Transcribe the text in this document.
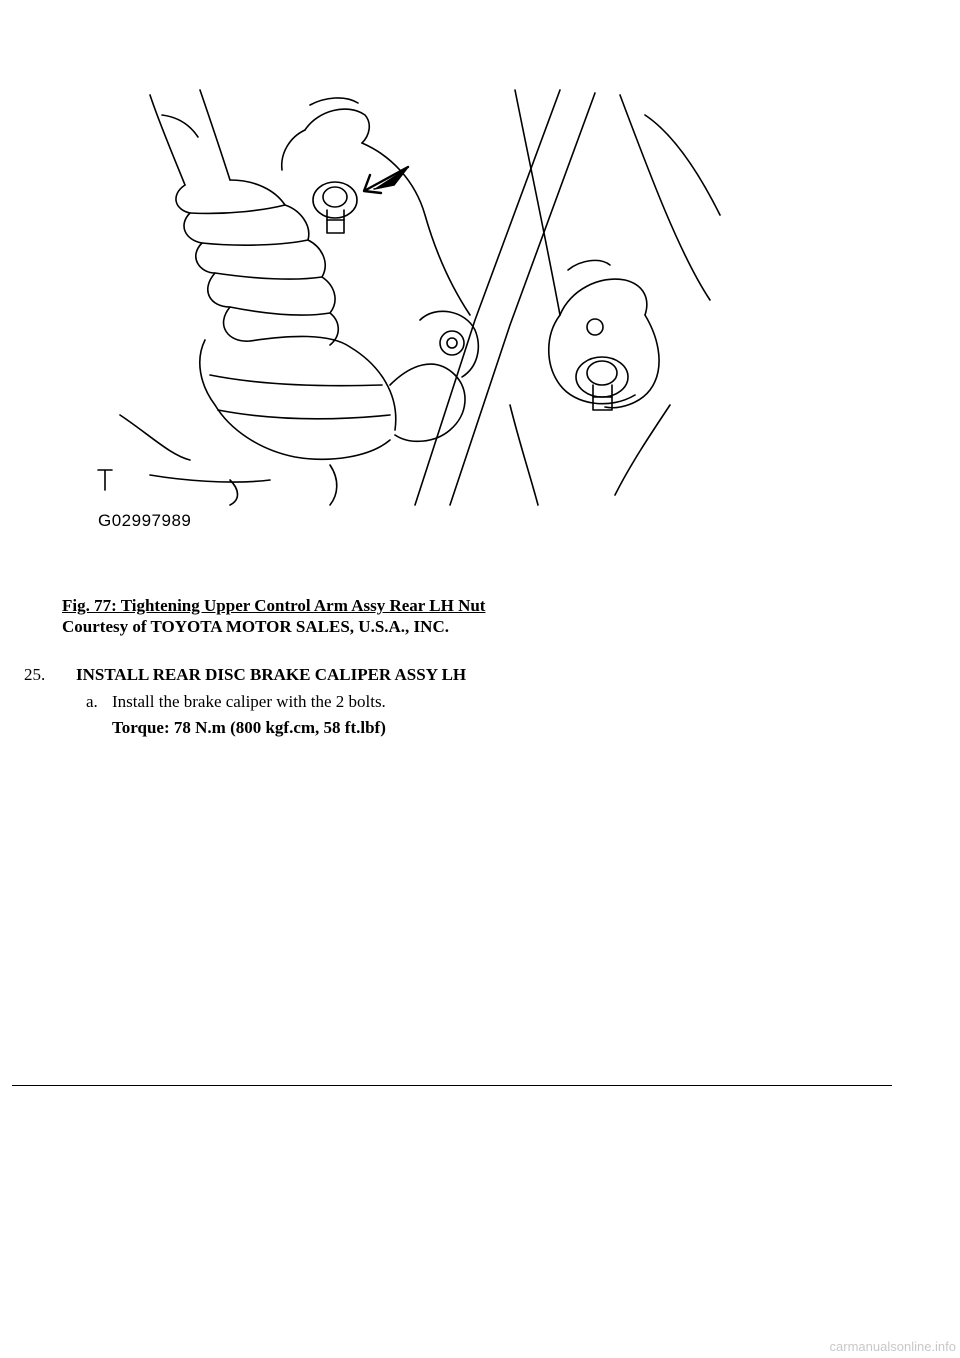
G02997989
Fig. 77: Tightening Upper Control Arm Assy Rear LH Nut
Courtesy of TOYOTA MOTOR SALES, U.S.A., INC.
25. INSTALL REAR DISC BRAKE CALIPER ASSY LH
a. Install the brake caliper with the 2 bolts.
Torque: 78 N.m (800 kgf.cm, 58 ft.lbf)
carmanualsonline.info
